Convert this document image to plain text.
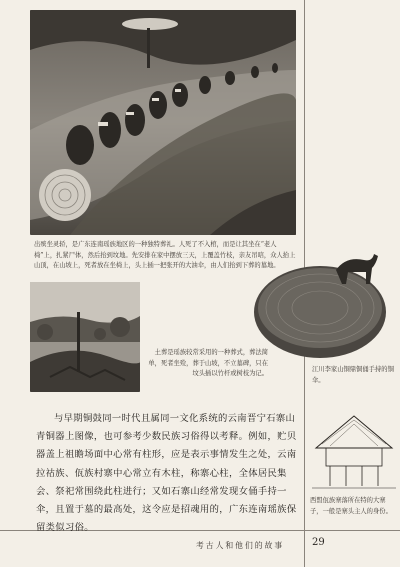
土葬是瑶族较常采用的一种葬式，葬法简单，死者坐殓，葬于山坡，不立墓碑，只在坟头插以竹杆或树枝为记。
江川李家山铜鼎铜俑手持的铜伞。
西盟佤族寨落所在特的大寨子，一般是寨头主人的身份。
出殡坐灵轿，是广东连南瑶族地区的一种独特葬礼。人死了不入棺，而是让其坐在“老人椅”上，扎紧尸体，然后抬到坟地。先安排在家中摆放三天，上覆盖竹枝，亲友吊唁，众人抬上山顶，在山坡上，死者放在坐椅上，头上插一把张开的大油伞，由人们抬到下葬的墓地。

与早期铜鼓同一时代且属同一文化系统的云南晋宁石寨山青铜器上图像，也可参考少数民族习俗得以考释。例如，贮贝器盖上祖瞻场面中心常有柱形，应是表示事情发生之处，云南拉祜族、佤族村寨中心常立有木柱，称寨心柱，全体居民集会、祭祀常围绕此柱进行；又如石寨山经常发现女俑手持一伞，且置于墓的最高处，这令应是招魂用的，广东连南瑶族保留类似习俗。

考古人和他们的故事	29
